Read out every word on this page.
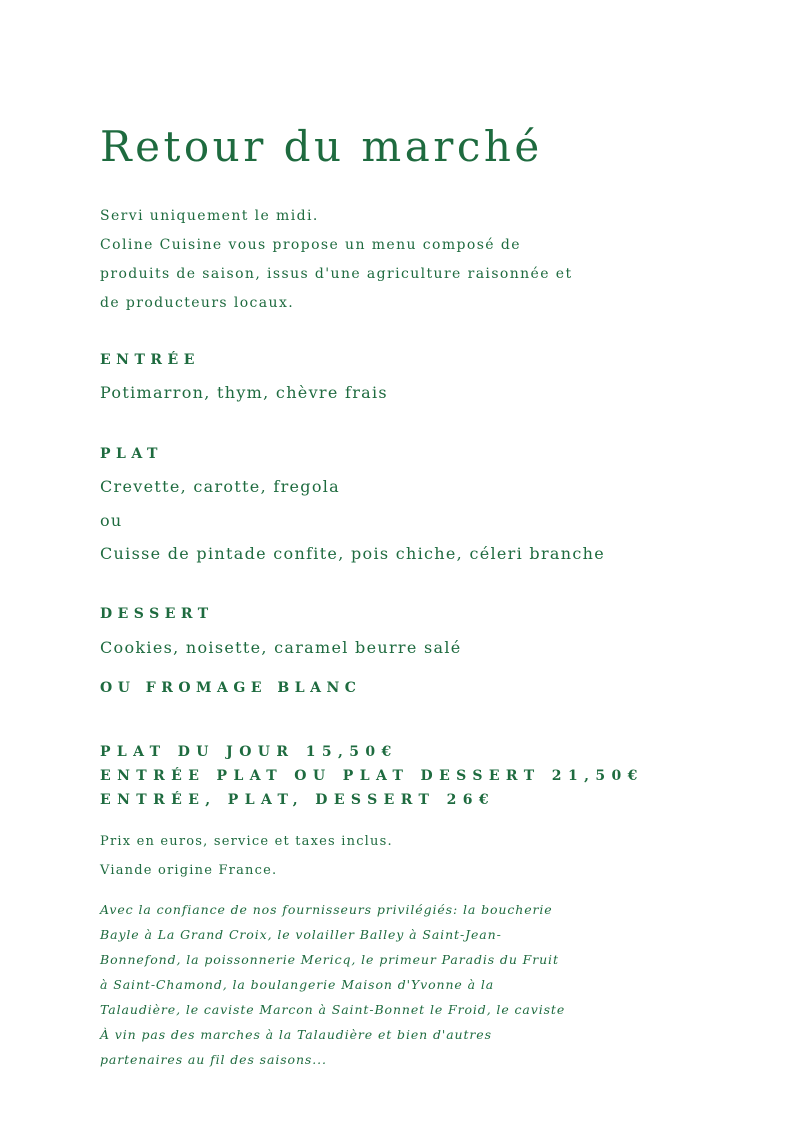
Retour du marché
Servi uniquement le midi.
Coline Cuisine vous propose un menu composé de
produits de saison, issus d'une agriculture raisonnée et
de producteurs locaux.
ENTRÉE
Potimarron, thym, chèvre frais
PLAT
Crevette, carotte, fregola
ou
Cuisse de pintade confite, pois chiche, céleri branche
DESSERT
Cookies, noisette, caramel beurre salé
OU FROMAGE BLANC
PLAT DU JOUR 15,50€
ENTRÉE PLAT OU PLAT DESSERT 21,50€
ENTRÉE, PLAT, DESSERT 26€
Prix en euros, service et taxes inclus.
Viande origine France.
Avec la confiance de nos fournisseurs privilégiés: la boucherie
Bayle à La Grand Croix, le volailler Balley à Saint-Jean-
Bonnefond, la poissonnerie Mericq, le primeur Paradis du Fruit
à Saint-Chamond, la boulangerie Maison d'Yvonne à la
Talaudière, le caviste Marcon à Saint-Bonnet le Froid, le caviste
À vin pas des marches à la Talaudière et bien d'autres
partenaires au fil des saisons...
